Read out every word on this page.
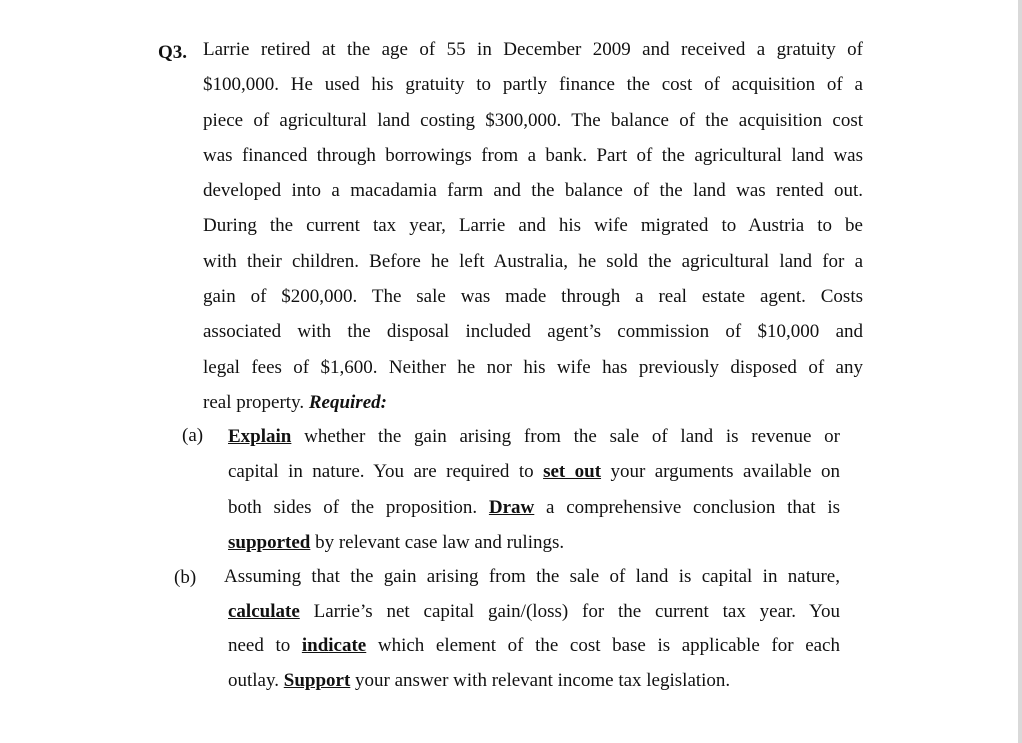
Q3. Larrie retired at the age of 55 in December 2009 and received a gratuity of
$100,000. He used his gratuity to partly finance the cost of acquisition of a
piece of agricultural land costing $300,000. The balance of the acquisition cost
was financed through borrowings from a bank. Part of the agricultural land was
developed into a macadamia farm and the balance of the land was rented out.
During the current tax year, Larrie and his wife migrated to Austria to be
with their children. Before he left Australia, he sold the agricultural land for a
gain of $200,000. The sale was made through a real estate agent. Costs
associated with the disposal included agent’s commission of $10,000 and
legal fees of $1,600. Neither he nor his wife has previously disposed of any
real property. Required:
(a) Explain whether the gain arising from the sale of land is revenue or
capital in nature. You are required to set out your arguments available on
both sides of the proposition. Draw a comprehensive conclusion that is
supported by relevant case law and rulings.
(b) Assuming that the gain arising from the sale of land is capital in nature,
calculate Larrie’s net capital gain/(loss) for the current tax year. You
need to indicate which element of the cost base is applicable for each
outlay. Support your answer with relevant income tax legislation.
